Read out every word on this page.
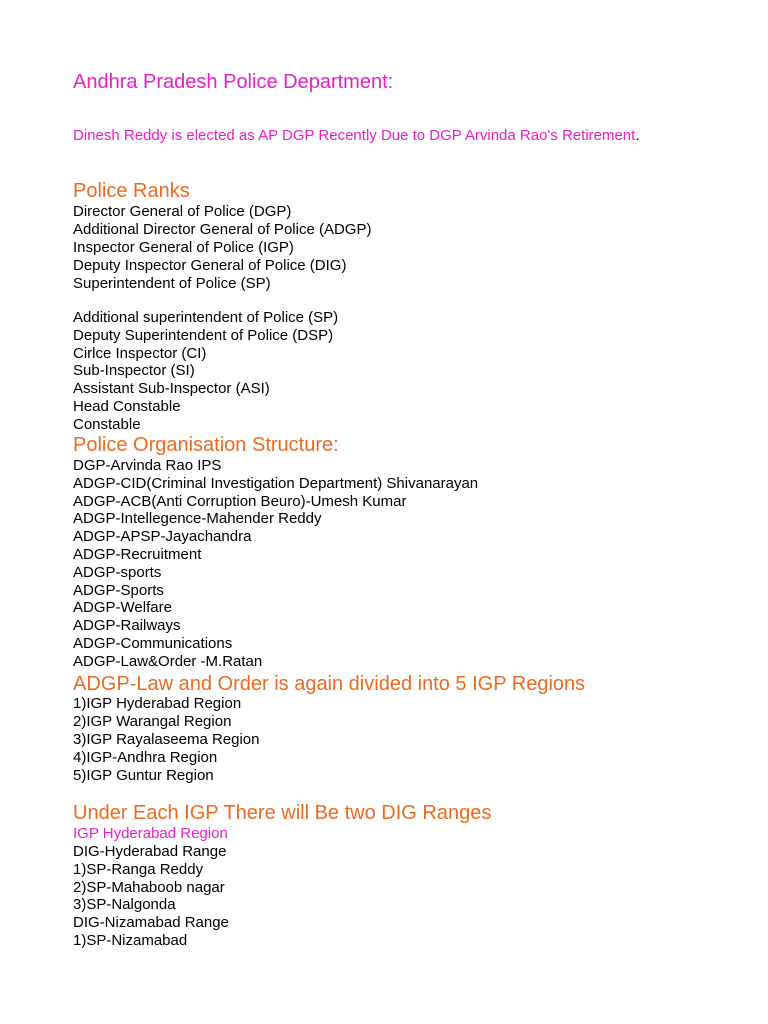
Andhra Pradesh Police Department:
Dinesh Reddy is elected as AP DGP Recently Due to DGP Arvinda Rao's Retirement.
Police Ranks
Director General of Police (DGP)
Additional Director General of Police (ADGP)
Inspector General of Police (IGP)
Deputy Inspector General of Police (DIG)
Superintendent of Police (SP)
Additional superintendent of Police (SP)
Deputy Superintendent of Police (DSP)
Cirlce Inspector (CI)
Sub-Inspector (SI)
Assistant Sub-Inspector (ASI)
Head Constable
Constable
Police Organisation Structure:
DGP-Arvinda Rao IPS
ADGP-CID(Criminal Investigation Department) Shivanarayan
ADGP-ACB(Anti Corruption Beuro)-Umesh Kumar
ADGP-Intellegence-Mahender Reddy
ADGP-APSP-Jayachandra
ADGP-Recruitment
ADGP-sports
ADGP-Sports
ADGP-Welfare
ADGP-Railways
ADGP-Communications
ADGP-Law&Order -M.Ratan
ADGP-Law and Order is again divided into 5 IGP Regions
1)IGP Hyderabad Region
2)IGP Warangal Region
3)IGP Rayalaseema Region
4)IGP-Andhra Region
5)IGP Guntur Region
Under Each IGP There will Be two DIG Ranges
IGP Hyderabad Region
DIG-Hyderabad Range
1)SP-Ranga Reddy
2)SP-Mahaboob nagar
3)SP-Nalgonda
DIG-Nizamabad Range
1)SP-Nizamabad
